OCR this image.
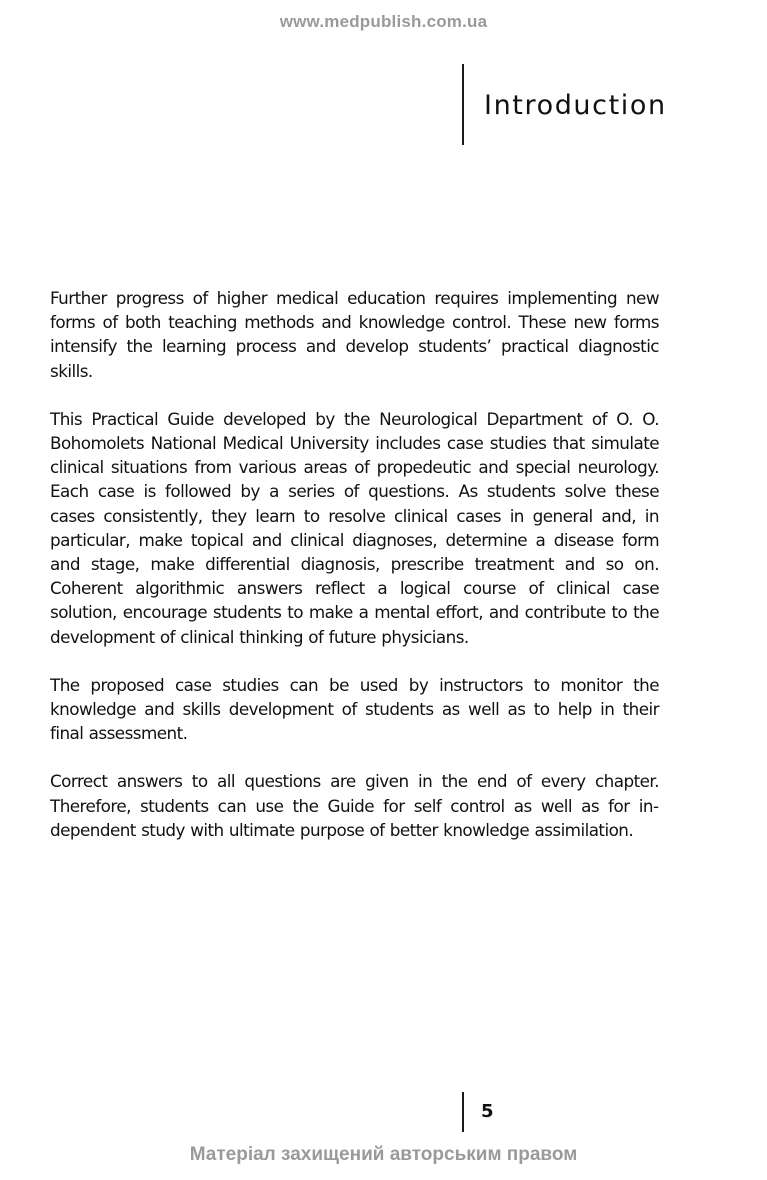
www.medpublish.com.ua
Introduction

Further progress of higher medical education requires implementing new forms of both teaching methods and knowledge control. These new forms intensify the learning process and develop students’ practical diagnostic skills.

This Practical Guide developed by the Neurological Department of O. O. Bohomolets National Medical University includes case studies that simulate clinical situations from various areas of propedeutic and special neurology. Each case is followed by a series of questions. As students solve these cases consistently, they learn to resolve clinical cases in general and, in particular, make topical and clinical diagnoses, determine a disease form and stage, make differential diagnosis, prescribe treatment and so on. Coherent algorithmic answers reflect a logical course of clinical case solution, encourage students to make a mental effort, and contribute to the development of clinical thinking of future physicians.

The proposed case studies can be used by instructors to monitor the knowledge and skills development of students as well as to help in their final assessment.

Correct answers to all questions are given in the end of every chapter. Therefore, students can use the Guide for self control as well as for independent study with ultimate purpose of better knowledge assimilation.

5
Матеріал захищений авторським правом
